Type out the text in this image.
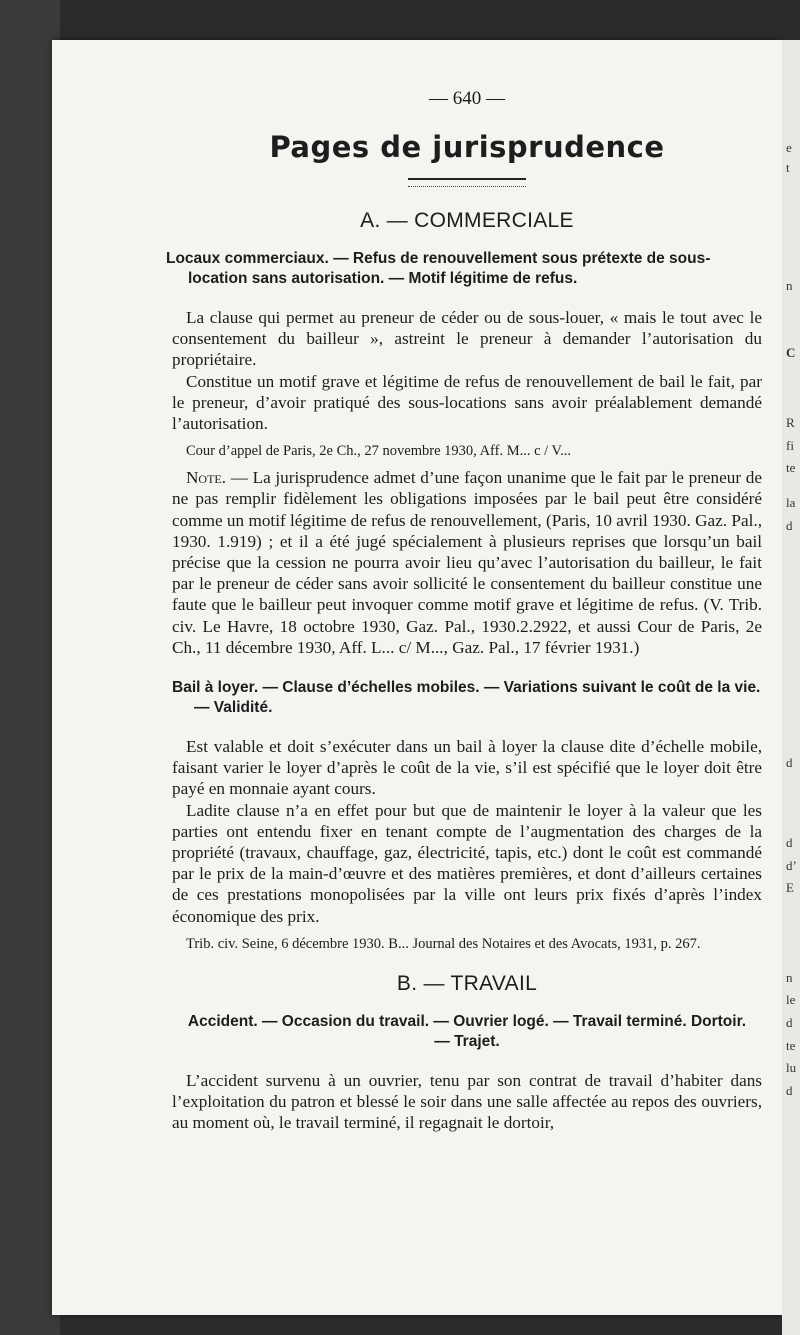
e
t
n
C
R
fi
te
la
d
d
d
d’
E
n
le
d
te
lu
d
— 640 —
Pages de jurisprudence
A. — COMMERCIALE
Locaux commerciaux. — Refus de renouvellement sous prétexte de sous-location sans autorisation. — Motif légitime de refus.

La clause qui permet au preneur de céder ou de sous-louer, « mais le tout avec le consentement du bailleur », astreint le preneur à demander l’autorisation du propriétaire.

Constitue un motif grave et légitime de refus de renouvellement de bail le fait, par le preneur, d’avoir pratiqué des sous-locations sans avoir préalablement demandé l’autorisation.

Cour d’appel de Paris, 2e Ch., 27 novembre 1930, Aff. M... c / V...

Note. — La jurisprudence admet d’une façon unanime que le fait par le preneur de ne pas remplir fidèlement les obligations imposées par le bail peut être considéré comme un motif légitime de refus de renouvellement, (Paris, 10 avril 1930. Gaz. Pal., 1930. 1.919) ; et il a été jugé spécialement à plusieurs reprises que lorsqu’un bail précise que la cession ne pourra avoir lieu qu’avec l’autorisation du bailleur, le fait par le preneur de céder sans avoir sollicité le consentement du bailleur constitue une faute que le bailleur peut invoquer comme motif grave et légitime de refus. (V. Trib. civ. Le Havre, 18 octobre 1930, Gaz. Pal., 1930.2.2922, et aussi Cour de Paris, 2e Ch., 11 décembre 1930, Aff. L... c/ M..., Gaz. Pal., 17 février 1931.)

Bail à loyer. — Clause d’échelles mobiles. — Variations suivant le coût de la vie. — Validité.

Est valable et doit s’exécuter dans un bail à loyer la clause dite d’échelle mobile, faisant varier le loyer d’après le coût de la vie, s’il est spécifié que le loyer doit être payé en monnaie ayant cours.

Ladite clause n’a en effet pour but que de maintenir le loyer à la valeur que les parties ont entendu fixer en tenant compte de l’augmentation des charges de la propriété (travaux, chauffage, gaz, électricité, tapis, etc.) dont le coût est commandé par le prix de la main-d’œuvre et des matières premières, et dont d’ailleurs certaines de ces prestations monopolisées par la ville ont leurs prix fixés d’après l’index économique des prix.

Trib. civ. Seine, 6 décembre 1930. B... Journal des Notaires et des Avocats, 1931, p. 267.

B. — TRAVAIL
Accident. — Occasion du travail. — Ouvrier logé. — Travail terminé. Dortoir. — Trajet.

L’accident survenu à un ouvrier, tenu par son contrat de travail d’habiter dans l’exploitation du patron et blessé le soir dans une salle affectée au repos des ouvriers, au moment où, le travail terminé, il regagnait le dortoir,
